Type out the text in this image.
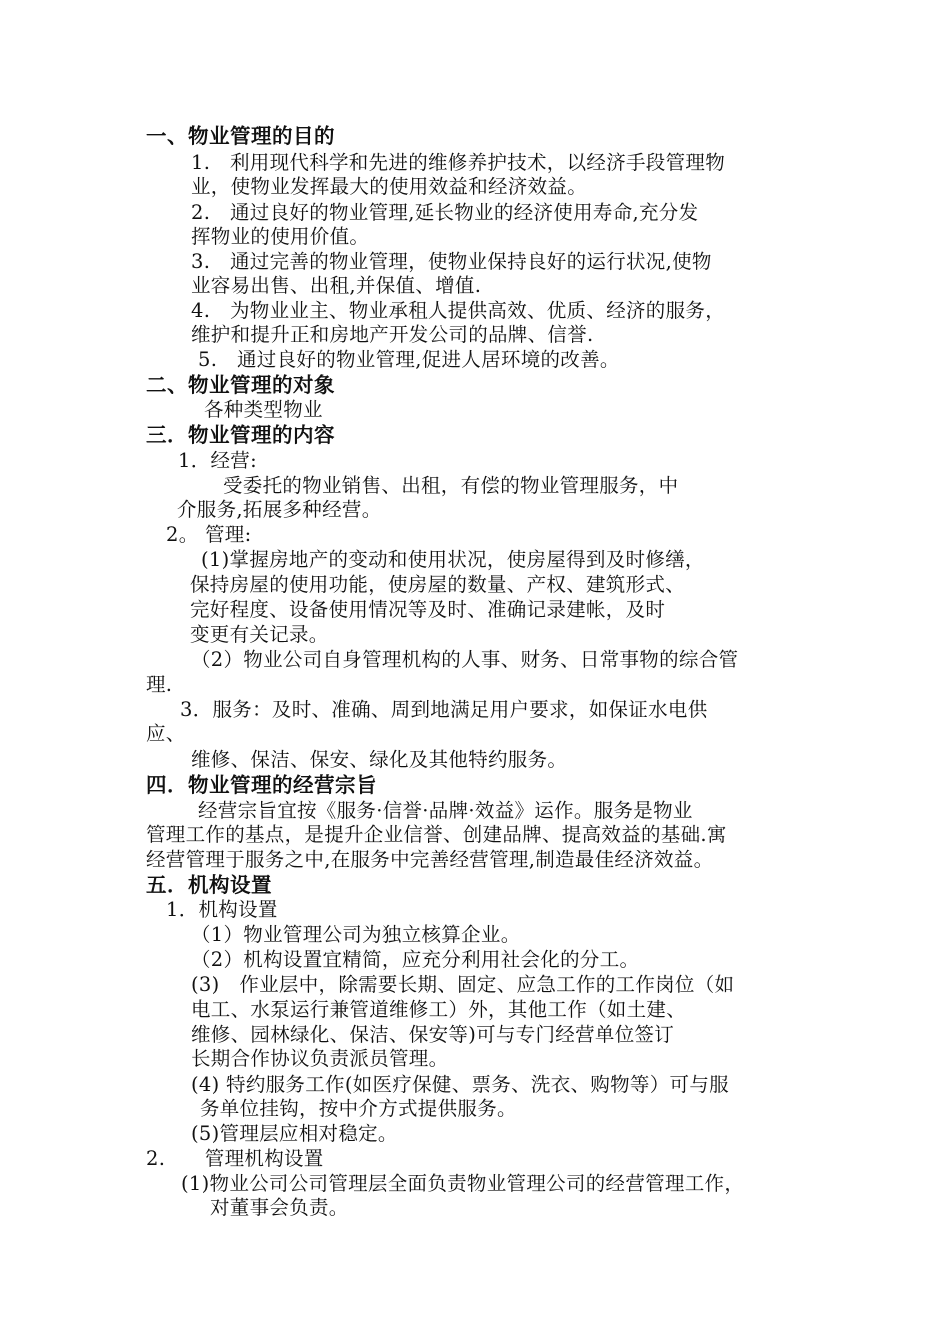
一、物业管理的目的
1.　利用现代科学和先进的维修养护技术，以经济手段管理物
业，使物业发挥最大的使用效益和经济效益。
2.　通过良好的物业管理,延长物业的经济使用寿命,充分发
挥物业的使用价值。
3.　通过完善的物业管理，使物业保持良好的运行状况,使物
业容易出售、出租,并保值、增值.
4.　为物业业主、物业承租人提供高效、优质、经济的服务，
维护和提升正和房地产开发公司的品牌、信誉.
5.　通过良好的物业管理,促进人居环境的改善。
二、物业管理的对象
各种类型物业
三．物业管理的内容
1．经营:
受委托的物业销售、出租，有偿的物业管理服务，中
介服务,拓展多种经营。
2。 管理:
(1)掌握房地产的变动和使用状况，使房屋得到及时修缮，
保持房屋的使用功能，使房屋的数量、产权、建筑形式、
完好程度、设备使用情况等及时、准确记录建帐，及时
变更有关记录。
（2）物业公司自身管理机构的人事、财务、日常事物的综合管
理.
3．服务：及时、准确、周到地满足用户要求，如保证水电供
应、
维修、保洁、保安、绿化及其他特约服务。
四．物业管理的经营宗旨
经营宗旨宜按《服务·信誉·品牌·效益》运作。服务是物业
管理工作的基点，是提升企业信誉、创建品牌、提高效益的基础.寓
经营管理于服务之中,在服务中完善经营管理,制造最佳经济效益。
五．机构设置
1．机构设置
（1）物业管理公司为独立核算企业。
（2）机构设置宜精简，应充分利用社会化的分工。
(3)　作业层中，除需要长期、固定、应急工作的工作岗位（如
电工、水泵运行兼管道维修工）外，其他工作（如土建、
维修、园林绿化、保洁、保安等)可与专门经营单位签订
长期合作协议负责派员管理。
(4) 特约服务工作(如医疗保健、票务、洗衣、购物等）可与服
务单位挂钩，按中介方式提供服务。
(5)管理层应相对稳定。
2.　　管理机构设置
(1)物业公司公司管理层全面负责物业管理公司的经营管理工作，
对董事会负责。
